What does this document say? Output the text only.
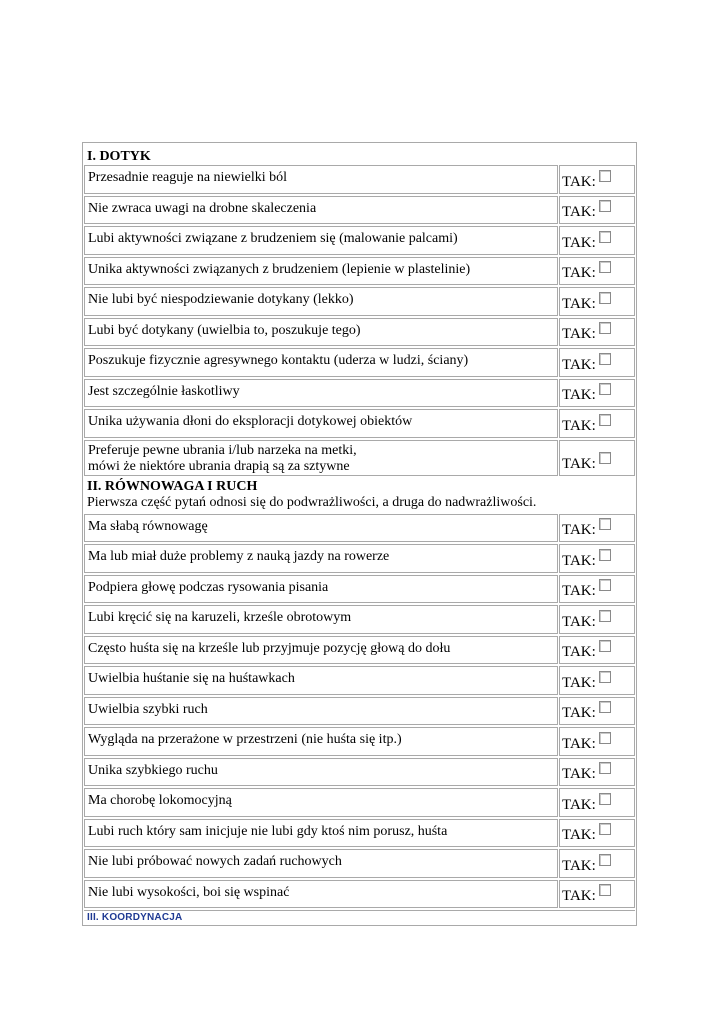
I. DOTYK
Przesadnie reaguje na niewielki ból	TAK:
Nie zwraca uwagi na drobne skaleczenia	TAK:
Lubi aktywności związane z brudzeniem się (malowanie palcami)	TAK:
Unika aktywności związanych z brudzeniem (lepienie w plastelinie)	TAK:
Nie lubi być niespodziewanie dotykany (lekko)	TAK:
Lubi być dotykany (uwielbia to, poszukuje tego)	TAK:
Poszukuje fizycznie agresywnego kontaktu (uderza w ludzi, ściany)	TAK:
Jest szczególnie łaskotliwy	TAK:
Unika używania dłoni do eksploracji dotykowej obiektów	TAK:
Preferuje pewne ubrania i/lub narzeka na metki,
mówi że niektóre ubrania drapią są za sztywne	TAK:
II. RÓWNOWAGA I RUCH
Pierwsza część pytań odnosi się do podwrażliwości, a druga do nadwrażliwości.
Ma słabą równowagę	TAK:
Ma lub miał duże problemy z nauką jazdy na rowerze	TAK:
Podpiera głowę podczas rysowania pisania	TAK:
Lubi kręcić się na karuzeli, krześle obrotowym	TAK:
Często huśta się na krześle lub przyjmuje pozycję głową do dołu	TAK:
Uwielbia huśtanie się na huśtawkach	TAK:
Uwielbia szybki ruch	TAK:
Wygląda na przerażone w przestrzeni (nie huśta się itp.)	TAK:
Unika szybkiego ruchu	TAK:
Ma chorobę lokomocyjną	TAK:
Lubi ruch który sam inicjuje nie lubi gdy ktoś nim porusz, huśta	TAK:
Nie lubi próbować nowych zadań ruchowych	TAK:
Nie lubi wysokości, boi się wspinać	TAK:
III. KOORDYNACJA
